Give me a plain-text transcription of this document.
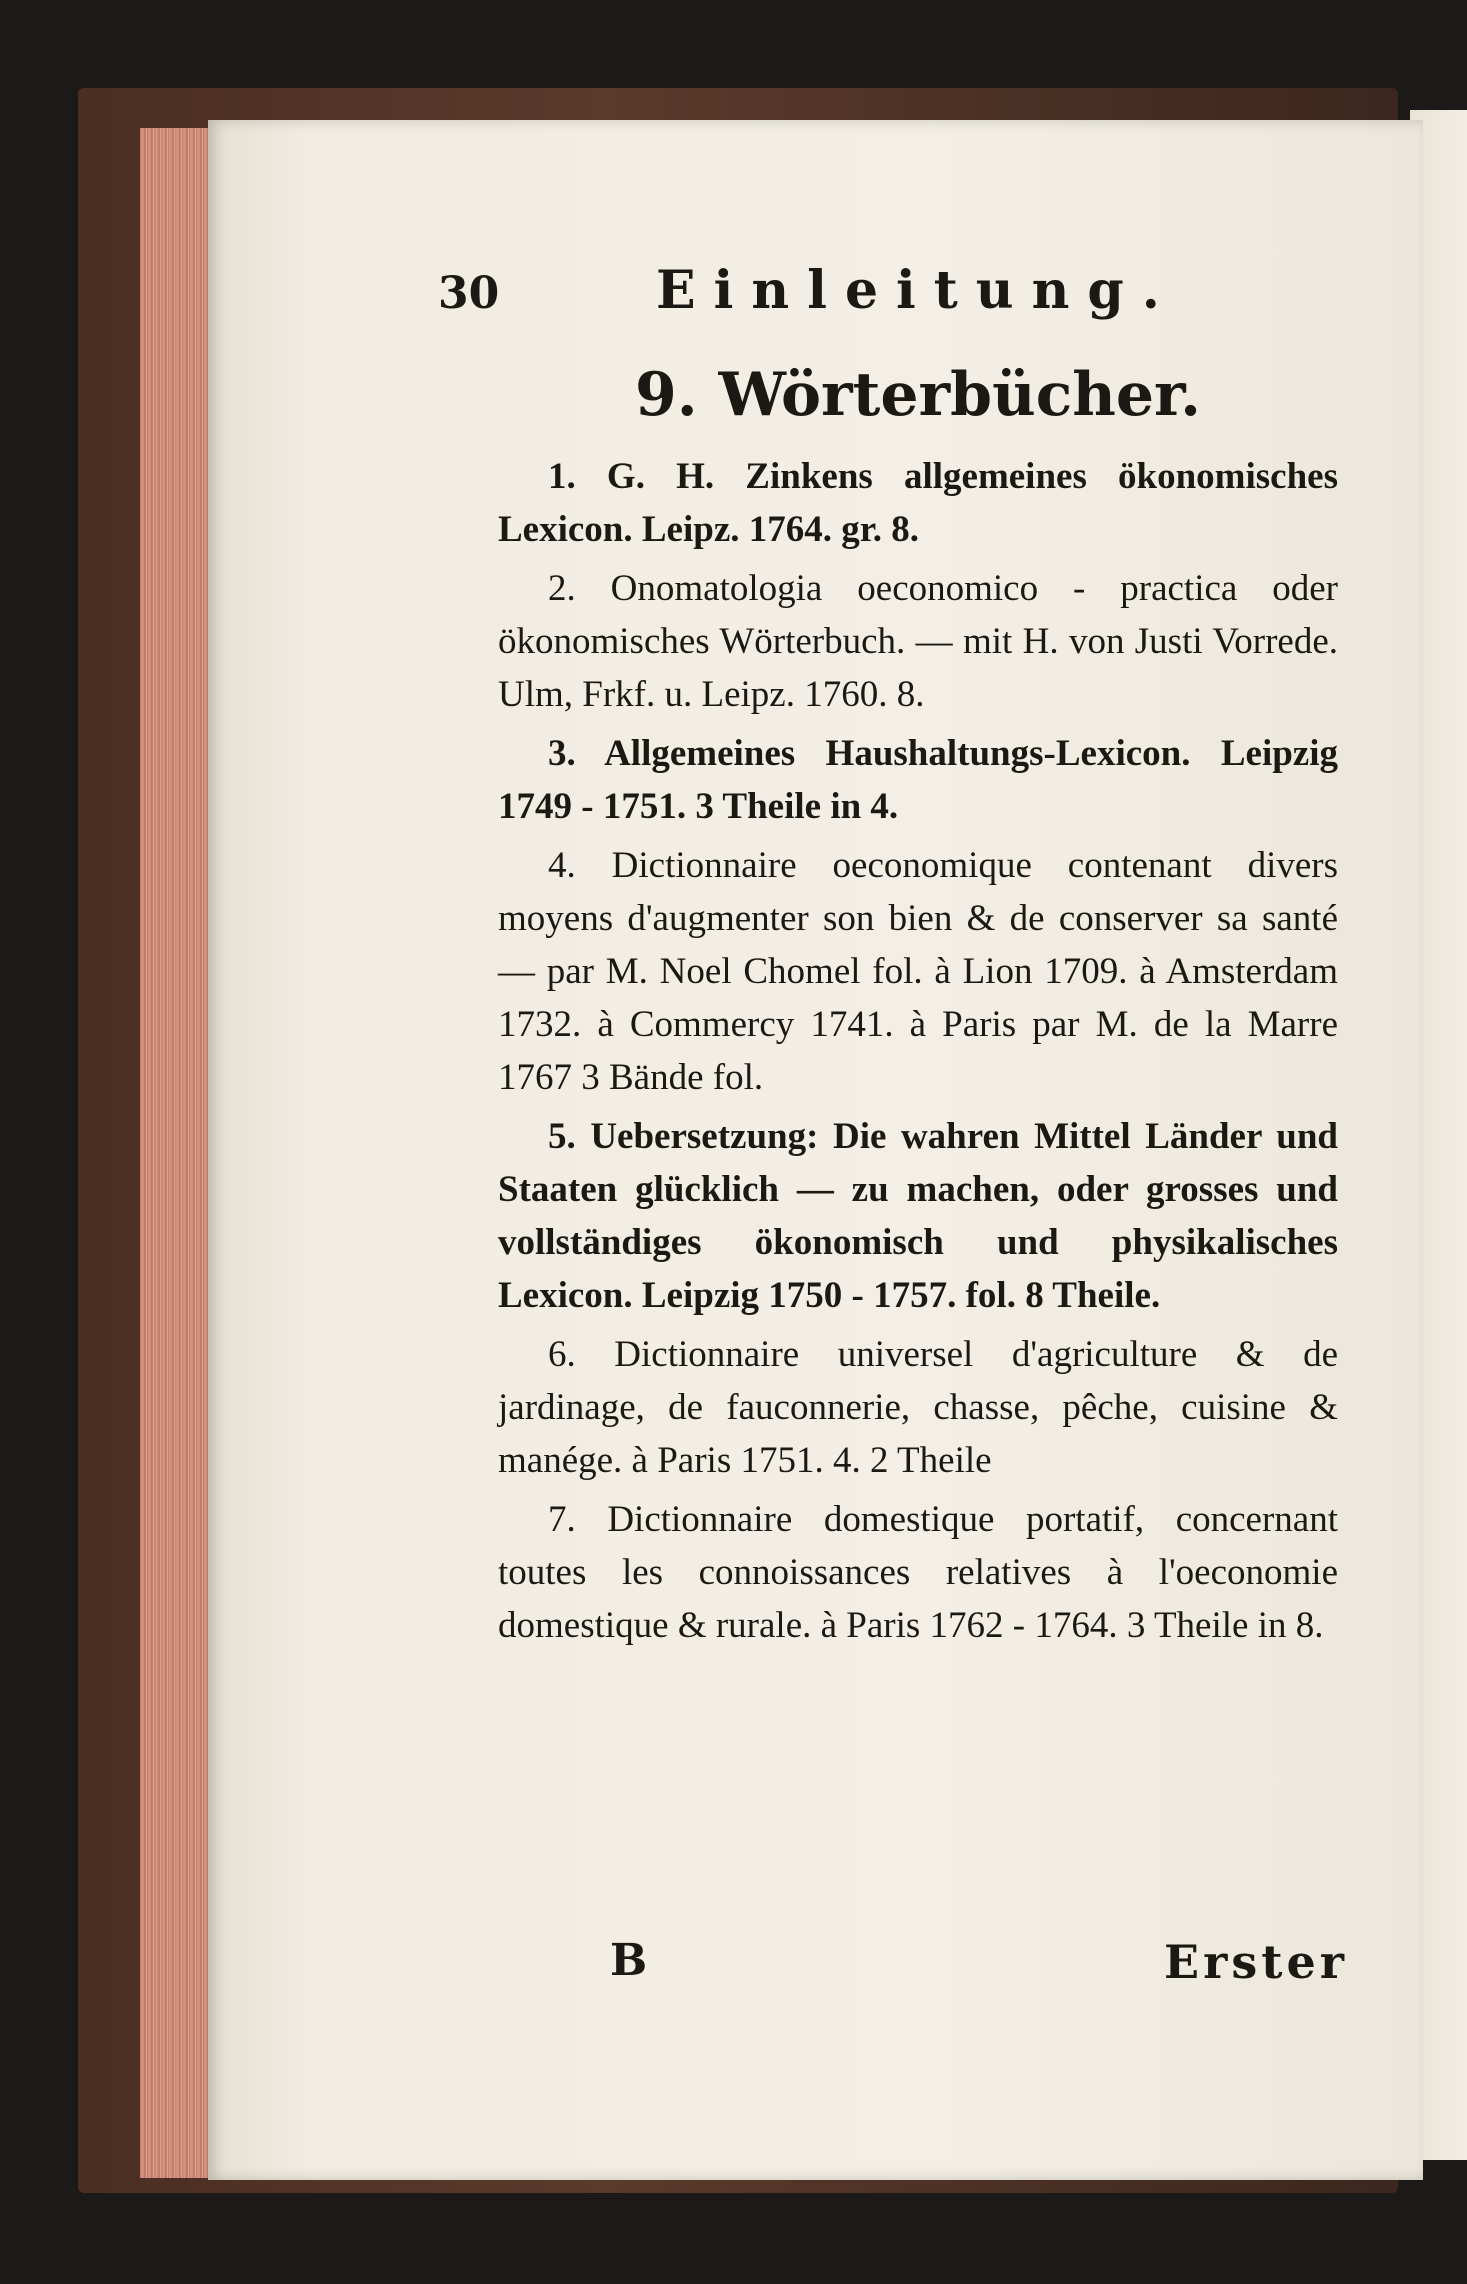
30	Einleitung.
9. Wörterbücher.

1. G. H. Zinkens allgemeines ökonomisches Lexicon. Leipz. 1764. gr. 8.

2. Onomatologia oeconomico - practica oder ökonomisches Wörterbuch. — mit H. von Justi Vorrede. Ulm, Frkf. u. Leipz. 1760. 8.

3. Allgemeines Haushaltungs-Lexicon. Leipzig 1749 - 1751. 3 Theile in 4.

4. Dictionnaire oeconomique contenant divers moyens d'augmenter son bien & de conserver sa santé — par M. Noel Chomel fol. à Lion 1709. à Amsterdam 1732. à Commercy 1741. à Paris par M. de la Marre 1767 3 Bände fol.

5. Uebersetzung: Die wahren Mittel Länder und Staaten glücklich — zu machen, oder grosses und vollständiges ökonomisch und physikalisches Lexicon. Leipzig 1750 - 1757. fol. 8 Theile.

6. Dictionnaire universel d'agriculture & de jardinage, de fauconnerie, chasse, pêche, cuisine & manége. à Paris 1751. 4. 2 Theile

7. Dictionnaire domestique portatif, concernant toutes les connoissances relatives à l'oeconomie domestique & rurale. à Paris 1762 - 1764. 3 Theile in 8.

B	Erster
